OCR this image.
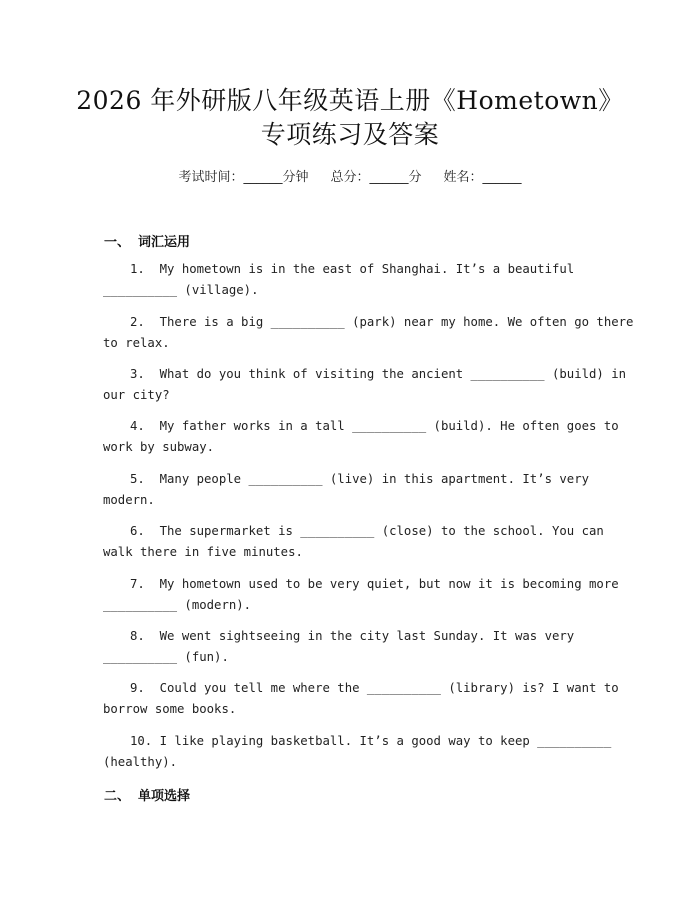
2026 年外研版八年级英语上册《Hometown》
专项练习及答案
考试时间：______分钟 总分：______分 姓名：______
一、 词汇运用
1.  My hometown is in the east of Shanghai. It’s a beautiful
__________ (village).
2.  There is a big __________ (park) near my home. We often go there
to relax.
3.  What do you think of visiting the ancient __________ (build) in
our city?
4.  My father works in a tall __________ (build). He often goes to
work by subway.
5.  Many people __________ (live) in this apartment. It’s very
modern.
6.  The supermarket is __________ (close) to the school. You can
walk there in five minutes.
7.  My hometown used to be very quiet, but now it is becoming more
__________ (modern).
8.  We went sightseeing in the city last Sunday. It was very
__________ (fun).
9.  Could you tell me where the __________ (library) is? I want to
borrow some books.
10. I like playing basketball. It’s a good way to keep __________
(healthy).
二、 单项选择
